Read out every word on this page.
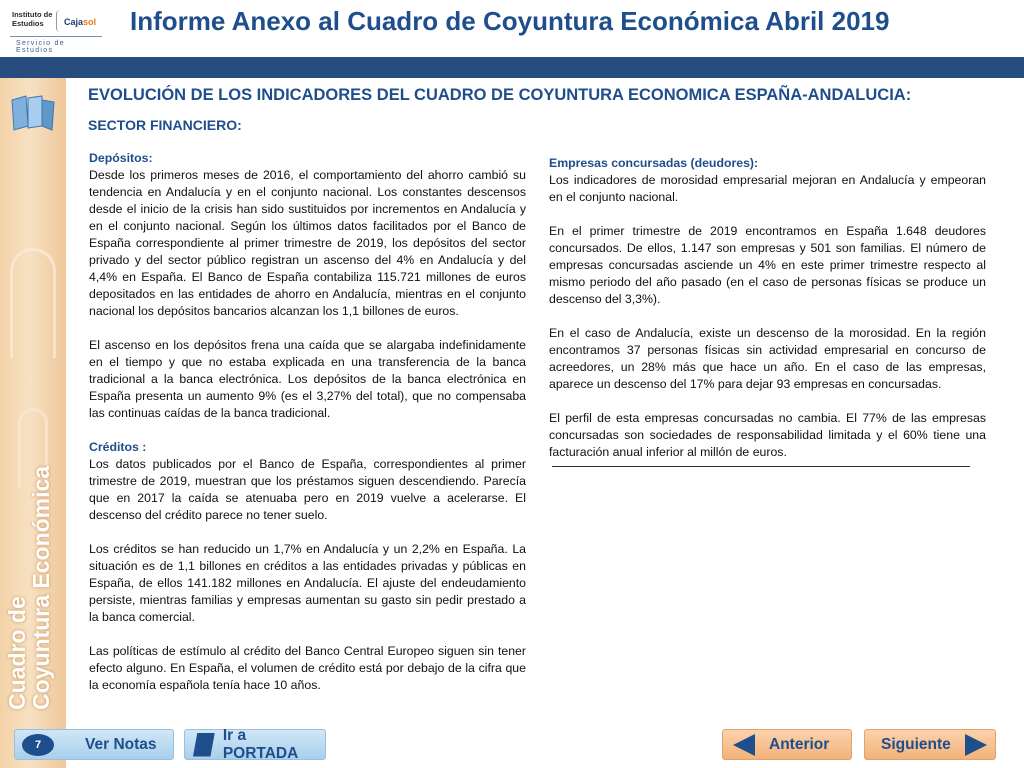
Instituto de Estudios	Cajasol
Servicio de Estudios
Informe Anexo al Cuadro de Coyuntura Económica Abril 2019
Cuadro de
Coyuntura Económica
EVOLUCIÓN DE LOS INDICADORES DEL CUADRO DE COYUNTURA ECONOMICA ESPAÑA-ANDALUCIA:
SECTOR FINANCIERO:

Depósitos:

Desde los primeros meses de 2016, el comportamiento del ahorro cambió su tendencia en Andalucía y en el conjunto nacional. Los constantes descensos desde el inicio de la crisis han sido sustituidos por incrementos en Andalucía y en el conjunto nacional. Según los últimos datos facilitados por el Banco de España correspondiente al primer trimestre de 2019, los depósitos del sector privado y del sector público registran un ascenso del 4% en Andalucía y del 4,4% en España. El Banco de España contabiliza 115.721 millones de euros depositados en las entidades de ahorro en Andalucía, mientras en el conjunto nacional los depósitos bancarios alcanzan los 1,1 billones de euros.

El ascenso en los depósitos frena una caída que se alargaba indefinidamente en el tiempo y que no estaba explicada en una transferencia de la banca tradicional a la banca electrónica. Los depósitos de la banca electrónica en España presenta un aumento 9% (es el 3,27% del total), que no compensaba las continuas caídas de la banca tradicional.

Créditos :

Los datos publicados por el Banco de España, correspondientes al primer trimestre de 2019, muestran que los préstamos siguen descendiendo. Parecía que en 2017 la caída se atenuaba pero en 2019 vuelve a acelerarse. El descenso del crédito parece no tener suelo.

Los créditos se han reducido un 1,7% en Andalucía y un 2,2% en España. La situación es de 1,1 billones en créditos a las entidades privadas y públicas en España, de ellos 141.182 millones en Andalucía. El ajuste del endeudamiento persiste, mientras familias y empresas aumentan su gasto sin pedir prestado a la banca comercial.

Las políticas de estímulo al crédito del Banco Central Europeo siguen sin tener efecto alguno. En España, el volumen de crédito está por debajo de la cifra que la economía española tenía hace 10 años.

Empresas concursadas (deudores):

Los indicadores de morosidad empresarial mejoran en Andalucía y empeoran en el conjunto nacional.

En el primer trimestre de 2019 encontramos en España 1.648 deudores concursados. De ellos, 1.147 son empresas y 501 son familias. El número de empresas concursadas asciende un 4% en este primer trimestre respecto al mismo periodo del año pasado (en el caso de personas físicas se produce un descenso del 3,3%).

En el caso de Andalucía, existe un descenso de la morosidad. En la región encontramos 37 personas físicas sin actividad empresarial en concurso de acreedores, un 28% más que hace un año. En el caso de las empresas, aparece un descenso del 17% para dejar 93 empresas en concursadas.

El perfil de esta empresas concursadas no cambia. El 77% de las empresas concursadas son sociedades de responsabilidad limitada y el 60% tiene una facturación anual inferior al millón de euros.

Ver Notas
7
Ir a PORTADA
Anterior	Siguiente
